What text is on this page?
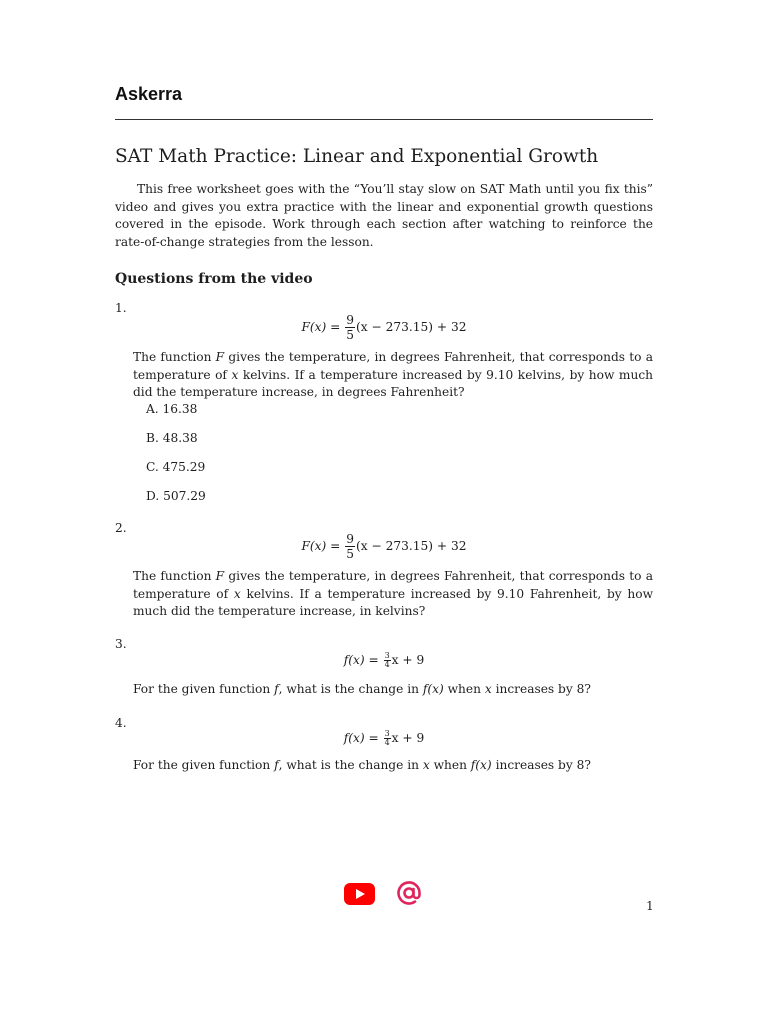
Askerra
SAT Math Practice: Linear and Exponential Growth
This free worksheet goes with the “You’ll stay slow on SAT Math until you fix this” video and gives you extra practice with the linear and exponential growth questions covered in the episode. Work through each section after watching to reinforce the rate-of-change strategies from the lesson.
Questions from the video
1.
$F(x) = \frac{9}{5} (x - 273.15) + 32$
The function F gives the temperature, in degrees Fahrenheit, that corresponds to a temperature of x kelvins. If a temperature increased by 9.10 kelvins, by how much did the temperature increase, in degrees Fahrenheit?
A. 16.38
B. 48.38
C. 475.29
D. 507.29
2.
$F(x) = \frac{9}{5} (x - 273.15) + 32$
The function F gives the temperature, in degrees Fahrenheit, that corresponds to a temperature of x kelvins. If a temperature increased by 9.10 Fahrenheit, by how much did the temperature increase, in kelvins?
3.
$f(x) = \frac{3}{4}$ x + 9
For the given function f, what is the change in f(x) when x increases by 8?
4.
$f(x) = \frac{3}{4}$ x + 9
For the given function f, what is the change in x when f(x) increases by 8?
1
